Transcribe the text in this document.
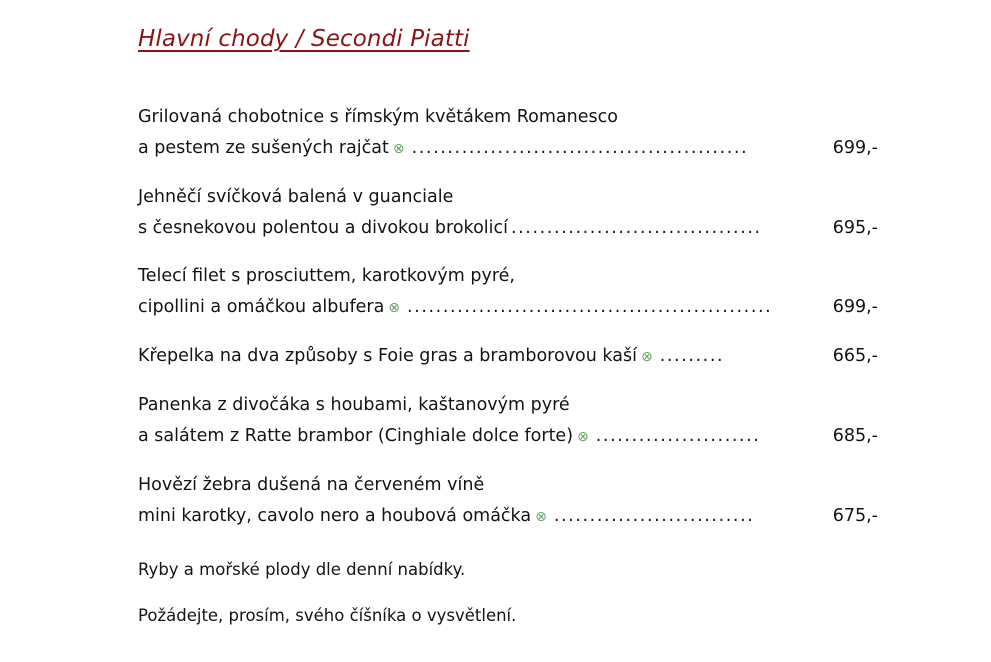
Hlavní chody / Secondi Piatti
Grilovaná chobotnice s římským květákem Romanesco
a pestem ze sušených rajčat ⊗ ...............................................	699,-
Jehněčí svíčková balená v guanciale
s česnekovou polentou a divokou brokolicí ...................................	695,-
Telecí filet s prosciuttem, karotkovým pyré,
cipollini a omáčkou albufera ⊗ ...................................................	699,-
Křepelka na dva způsoby s Foie gras a bramborovou kaší ⊗ .........	665,-
Panenka z divočáka s houbami, kaštanovým pyré
a salátem z Ratte brambor (Cinghiale dolce forte) ⊗ .......................	685,-
Hovězí žebra dušená na červeném víně
mini karotky, cavolo nero a houbová omáčka ⊗ ............................	675,-
Ryby a mořské plody dle denní nabídky.
Požádejte, prosím, svého číšníka o vysvětlení.
